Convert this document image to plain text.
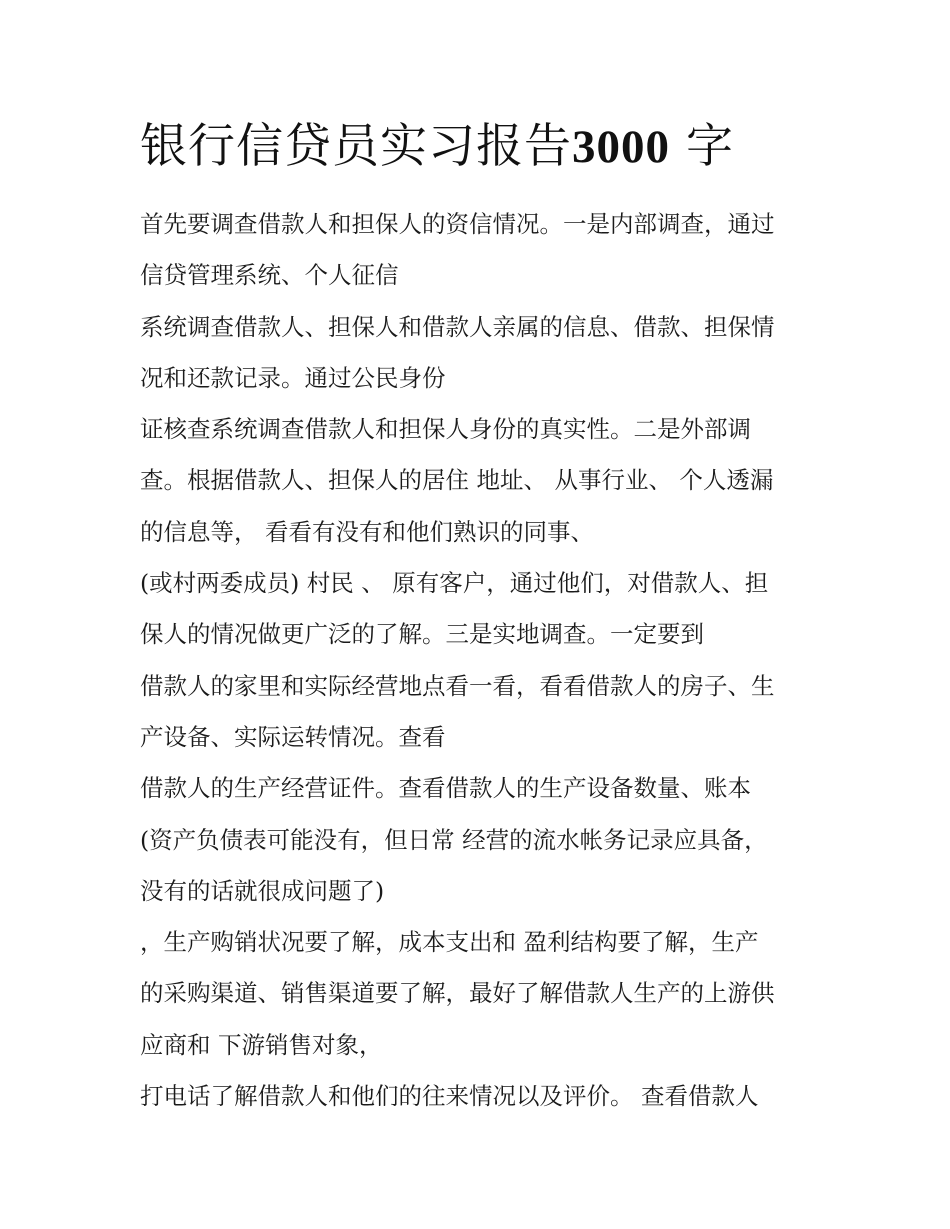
银行信贷员实习报告3000 字
首先要调查借款人和担保人的资信情况。一是内部调查，通过
信贷管理系统、个人征信
系统调查借款人、担保人和借款人亲属的信息、借款、担保情
况和还款记录。通过公民身份
证核查系统调查借款人和担保人身份的真实性。二是外部调
查。根据借款人、担保人的居住 地址、 从事行业、 个人透漏
的信息等， 看看有没有和他们熟识的同事、
(或村两委成员) 村民 、 原有客户，通过他们，对借款人、担
保人的情况做更广泛的了解。三是实地调查。一定要到
借款人的家里和实际经营地点看一看，看看借款人的房子、生
产设备、实际运转情况。查看
借款人的生产经营证件。查看借款人的生产设备数量、账本
(资产负债表可能没有，但日常 经营的流水帐务记录应具备，
没有的话就很成问题了)
，生产购销状况要了解，成本支出和 盈利结构要了解，生产
的采购渠道、销售渠道要了解，最好了解借款人生产的上游供
应商和 下游销售对象，
打电话了解借款人和他们的往来情况以及评价。 查看借款人
